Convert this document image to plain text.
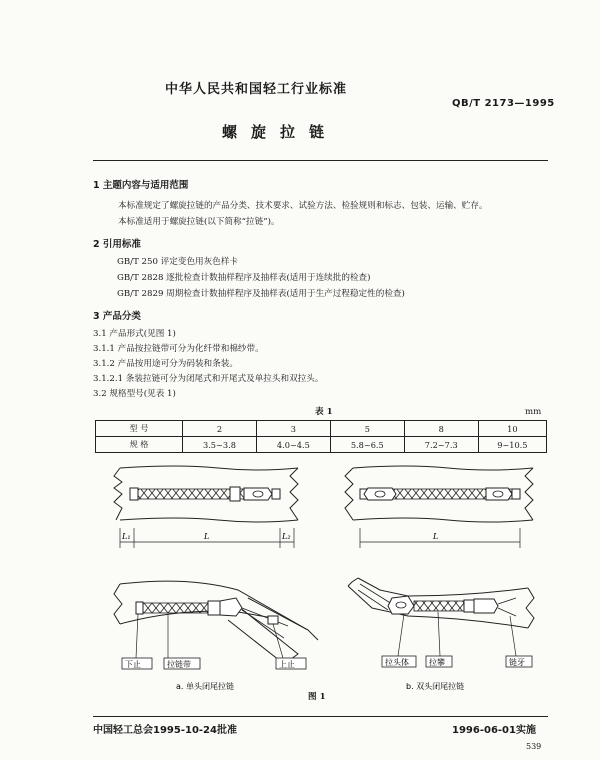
中华人民共和国轻工行业标准
QB/T 2173—1995
螺旋拉链
1 主题内容与适用范围
本标准规定了螺旋拉链的产品分类、技术要求、试验方法、检验规则和标志、包装、运输、贮存。
本标准适用于螺旋拉链(以下简称“拉链”)。
2 引用标准
GB/T 250 评定变色用灰色样卡
GB/T 2828 逐批检查计数抽样程序及抽样表(适用于连续批的检查)
GB/T 2829 周期检查计数抽样程序及抽样表(适用于生产过程稳定性的检查)
3 产品分类
3.1 产品形式(见图 1)
3.1.1 产品按拉链带可分为化纤带和棉纱带。
3.1.2 产品按用途可分为码装和条装。
3.1.2.1 条装拉链可分为闭尾式和开尾式及单拉头和双拉头。
3.2 规格型号(见表 1)
表 1	mm
型 号	2	3	5	8	10
规 格	3.5~3.8	4.0~4.5	5.8~6.5	7.2~7.3	9~10.5
L₁	L	L₂	L
下止	拉链带	上止	拉头体	拉攀	链牙
a. 单头闭尾拉链	b. 双头闭尾拉链
图 1
中国轻工总会1995-10-24批准	1996-06-01实施
539
